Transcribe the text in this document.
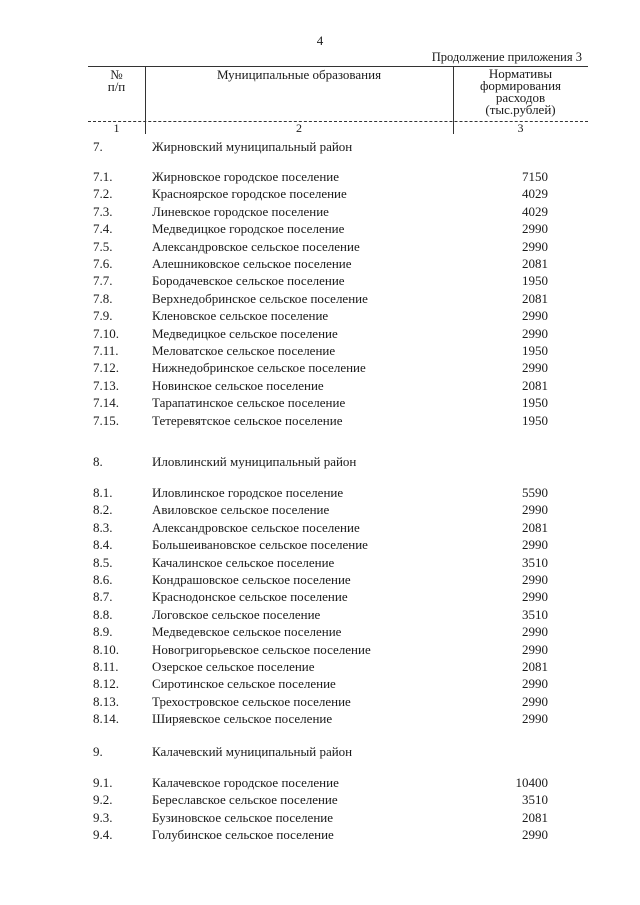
4
Продолжение приложения 3
№
п/п
Муниципальные образования	Нормативы
формирования
расходов
(тыс.рублей)
1	2	3
7.	Жирновский муниципальный район
7.1.	Жирновское городское поселение	7150
7.2.	Красноярское городское поселение	4029
7.3.	Линевское городское поселение	4029
7.4.	Медведицкое городское поселение	2990
7.5.	Александровское сельское поселение	2990
7.6.	Алешниковское сельское поселение	2081
7.7.	Бородачевское сельское поселение	1950
7.8.	Верхнедобринское сельское поселение	2081
7.9.	Кленовское сельское поселение	2990
7.10.	Медведицкое сельское поселение	2990
7.11.	Меловатское сельское поселение	1950
7.12.	Нижнедобринское сельское поселение	2990
7.13.	Новинское сельское поселение	2081
7.14.	Тарапатинское сельское поселение	1950
7.15.	Тетеревятское сельское поселение	1950
8.	Иловлинский муниципальный район
8.1.	Иловлинское городское поселение	5590
8.2.	Авиловское сельское поселение	2990
8.3.	Александровское сельское поселение	2081
8.4.	Большеивановское сельское поселение	2990
8.5.	Качалинское сельское поселение	3510
8.6.	Кондрашовское сельское поселение	2990
8.7.	Краснодонское сельское поселение	2990
8.8.	Логовское сельское поселение	3510
8.9.	Медведевское сельское поселение	2990
8.10.	Новогригорьевское сельское поселение	2990
8.11.	Озерское сельское поселение	2081
8.12.	Сиротинское сельское поселение	2990
8.13.	Трехостровское сельское поселение	2990
8.14.	Ширяевское сельское поселение	2990
9.	Калачевский муниципальный район
9.1.	Калачевское городское поселение	10400
9.2.	Береславское сельское поселение	3510
9.3.	Бузиновское сельское поселение	2081
9.4.	Голубинское сельское поселение	2990
